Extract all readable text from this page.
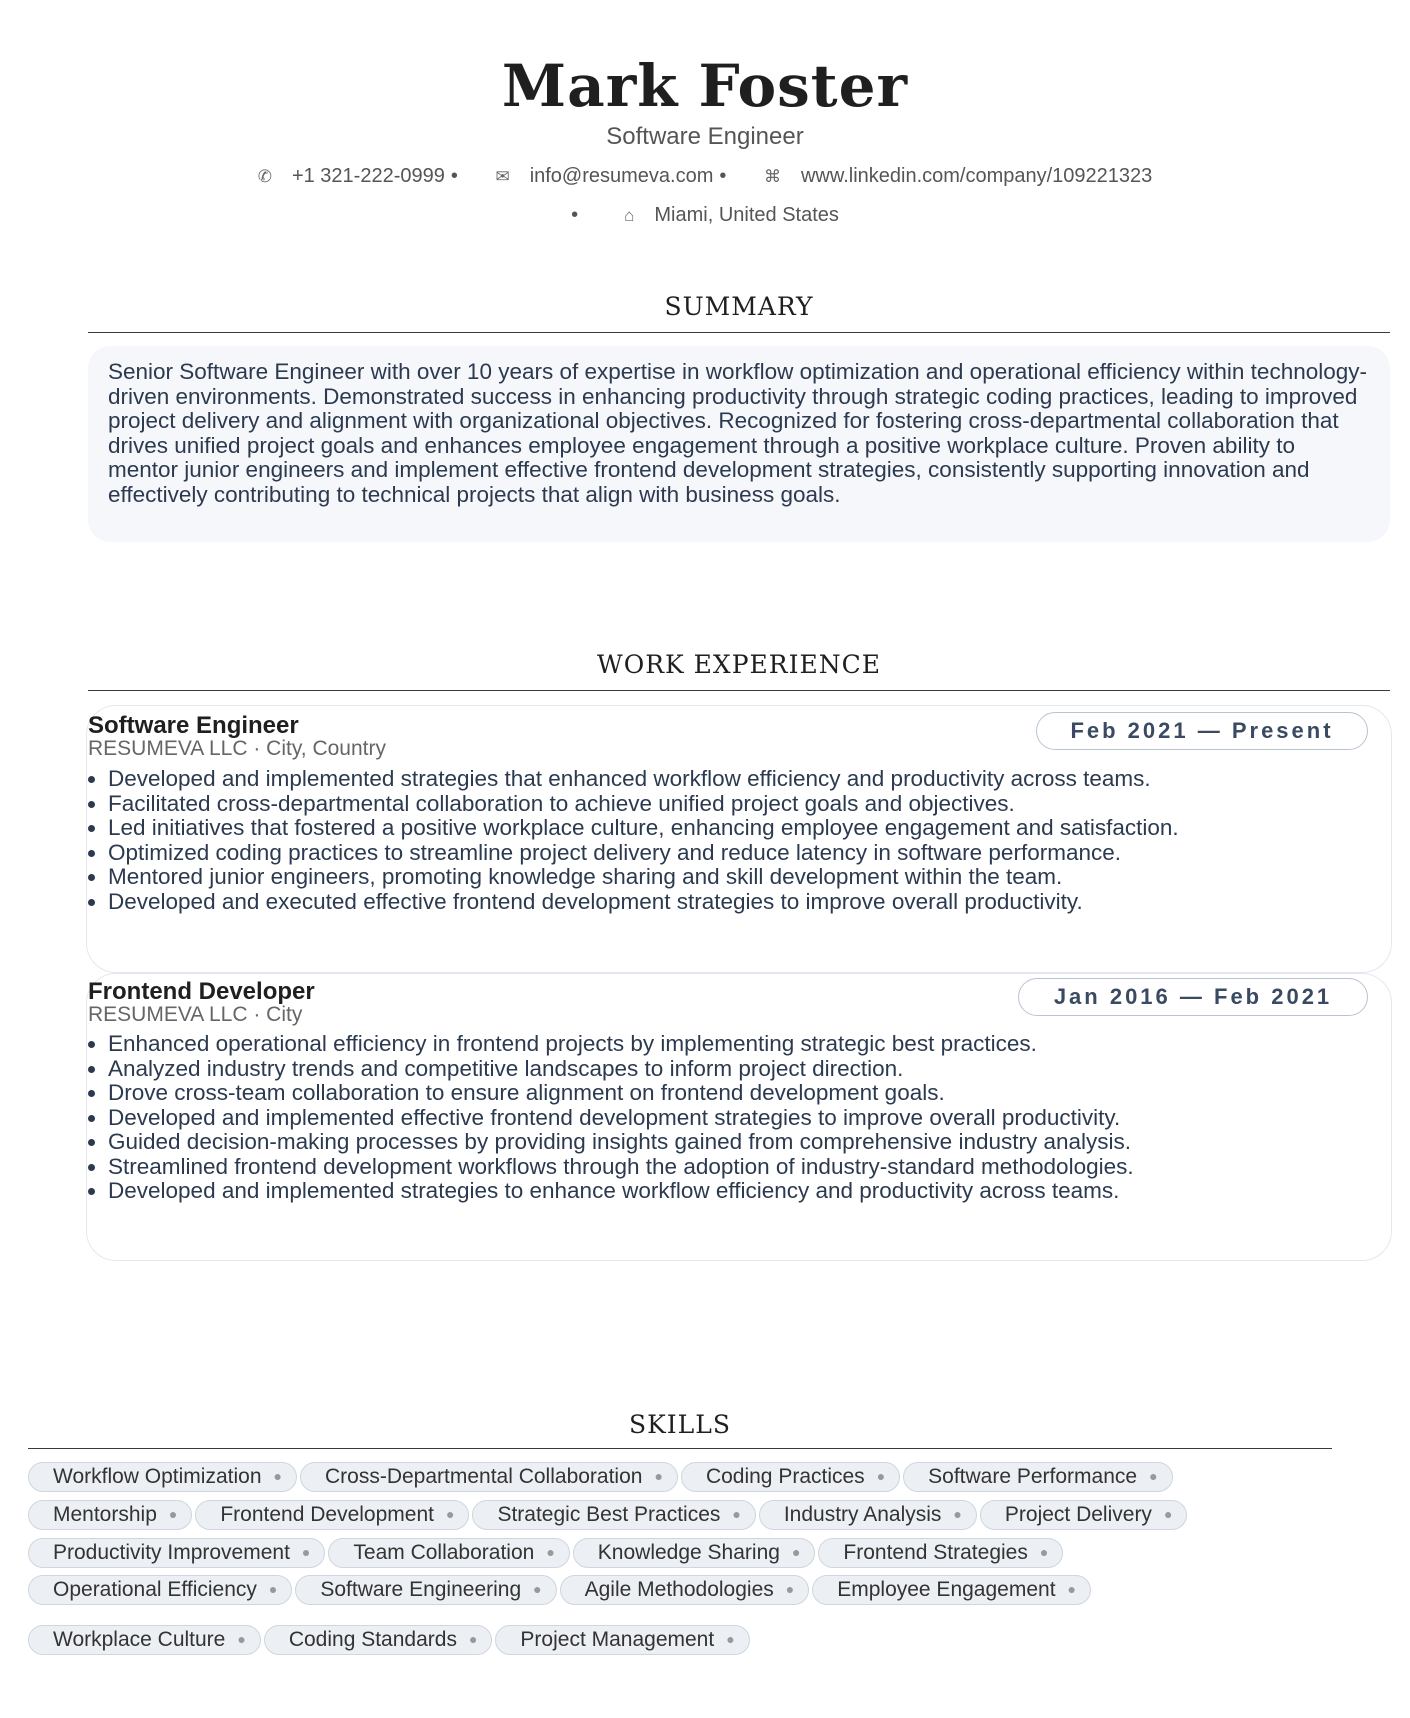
Mark Foster
Software Engineer
✆ +1 321-222-0999 • ✉ info@resumeva.com • ⌘ www.linkedin.com/company/109221323
•	⌂ Miami, United States
SUMMARY
Senior Software Engineer with over 10 years of expertise in workflow optimization and operational efficiency within technology-driven environments. Demonstrated success in enhancing productivity through strategic coding practices, leading to improved project delivery and alignment with organizational objectives. Recognized for fostering cross-departmental collaboration that drives unified project goals and enhances employee engagement through a positive workplace culture. Proven ability to mentor junior engineers and implement effective frontend development strategies, consistently supporting innovation and effectively contributing to technical projects that align with business goals.
WORK EXPERIENCE
Software Engineer
RESUMEVA LLC · City, Country
Feb 2021 — Present
• Developed and implemented strategies that enhanced workflow efficiency and productivity across teams.
• Facilitated cross-departmental collaboration to achieve unified project goals and objectives.
• Led initiatives that fostered a positive workplace culture, enhancing employee engagement and satisfaction.
• Optimized coding practices to streamline project delivery and reduce latency in software performance.
• Mentored junior engineers, promoting knowledge sharing and skill development within the team.
• Developed and executed effective frontend development strategies to improve overall productivity.
Frontend Developer
RESUMEVA LLC · City
Jan 2016 — Feb 2021
• Enhanced operational efficiency in frontend projects by implementing strategic best practices.
• Analyzed industry trends and competitive landscapes to inform project direction.
• Drove cross-team collaboration to ensure alignment on frontend development goals.
• Developed and implemented effective frontend development strategies to improve overall productivity.
• Guided decision-making processes by providing insights gained from comprehensive industry analysis.
• Streamlined frontend development workflows through the adoption of industry-standard methodologies.
• Developed and implemented strategies to enhance workflow efficiency and productivity across teams.
SKILLS
Workflow Optimization ● Cross-Departmental Collaboration ● Coding Practices ● Software Performance ●
Mentorship ● Frontend Development ● Strategic Best Practices ● Industry Analysis ● Project Delivery ●
Productivity Improvement ● Team Collaboration ● Knowledge Sharing ● Frontend Strategies ●
Operational Efficiency ● Software Engineering ● Agile Methodologies ● Employee Engagement ●
Workplace Culture ● Coding Standards ● Project Management ●
